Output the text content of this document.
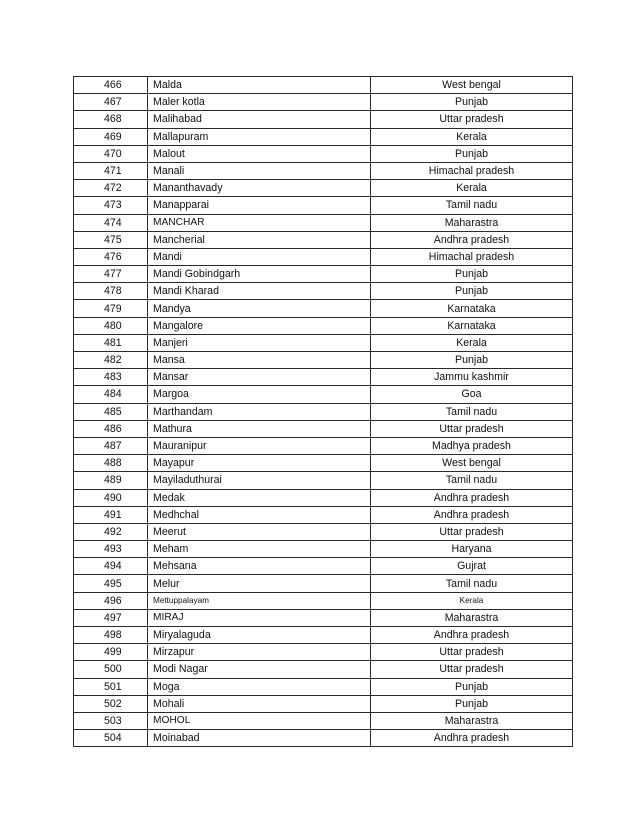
466	Malda	West bengal
467	Maler kotla	Punjab
468	Malihabad	Uttar pradesh
469	Mallapuram	Kerala
470	Malout	Punjab
471	Manali	Himachal pradesh
472	Mananthavady	Kerala
473	Manapparai	Tamil nadu
474	MANCHAR	Maharastra
475	Mancherial	Andhra pradesh
476	Mandi	Himachal pradesh
477	Mandi Gobindgarh	Punjab
478	Mandi Kharad	Punjab
479	Mandya	Karnataka
480	Mangalore	Karnataka
481	Manjeri	Kerala
482	Mansa	Punjab
483	Mansar	Jammu kashmir
484	Margoa	Goa
485	Marthandam	Tamil nadu
486	Mathura	Uttar pradesh
487	Mauranipur	Madhya pradesh
488	Mayapur	West bengal
489	Mayiladuthurai	Tamil nadu
490	Medak	Andhra pradesh
491	Medhchal	Andhra pradesh
492	Meerut	Uttar pradesh
493	Meham	Haryana
494	Mehsana	Gujrat
495	Melur	Tamil nadu
496	Mettuppalayam	Kerala
497	MIRAJ	Maharastra
498	Miryalaguda	Andhra pradesh
499	Mirzapur	Uttar pradesh
500	Modi Nagar	Uttar pradesh
501	Moga	Punjab
502	Mohali	Punjab
503	MOHOL	Maharastra
504	Moinabad	Andhra pradesh
